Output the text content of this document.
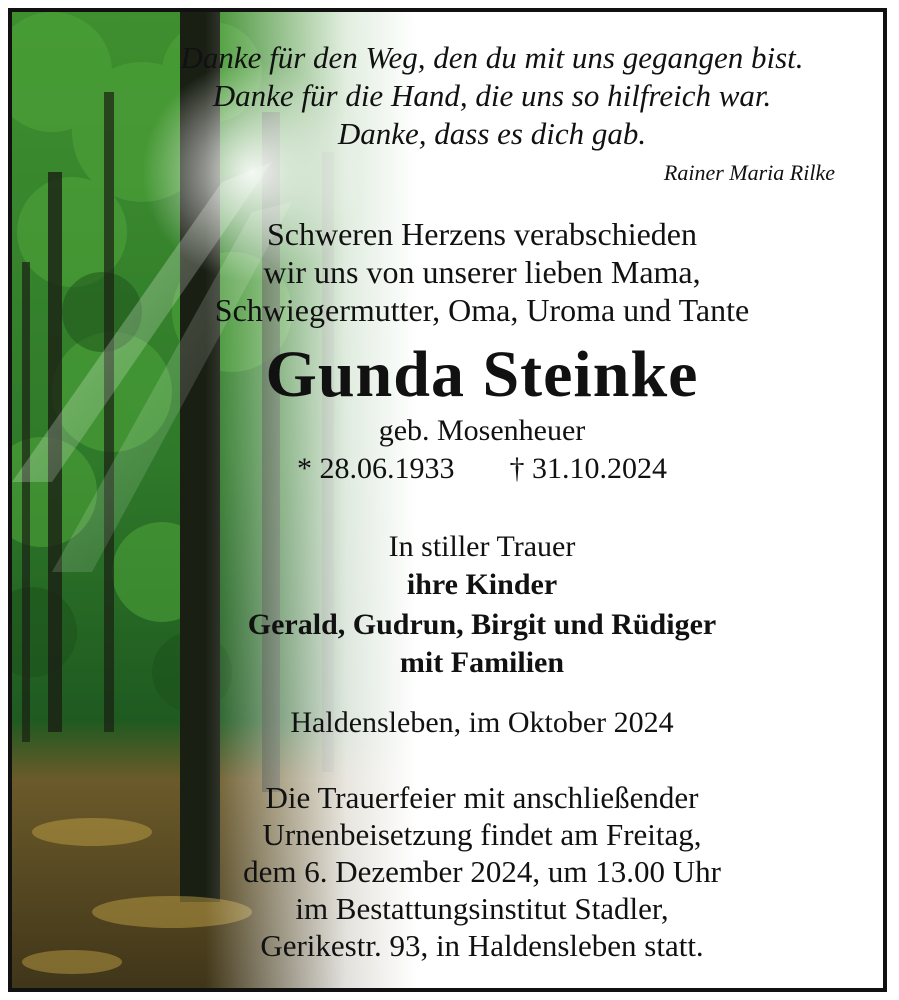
Danke für den Weg, den du mit uns gegangen bist.
Danke für die Hand, die uns so hilfreich war.
Danke, dass es dich gab.
Rainer Maria Rilke
Schweren Herzens verabschieden
wir uns von unserer lieben Mama,
Schwiegermutter, Oma, Uroma und Tante
Gunda Steinke
geb. Mosenheuer
* 28.06.1933 † 31.10.2024
In stiller Trauer
ihre Kinder
Gerald, Gudrun, Birgit und Rüdiger
mit Familien
Haldensleben, im Oktober 2024
Die Trauerfeier mit anschließender
Urnenbeisetzung findet am Freitag,
dem 6. Dezember 2024, um 13.00 Uhr
im Bestattungsinstitut Stadler,
Gerikestr. 93, in Haldensleben statt.
